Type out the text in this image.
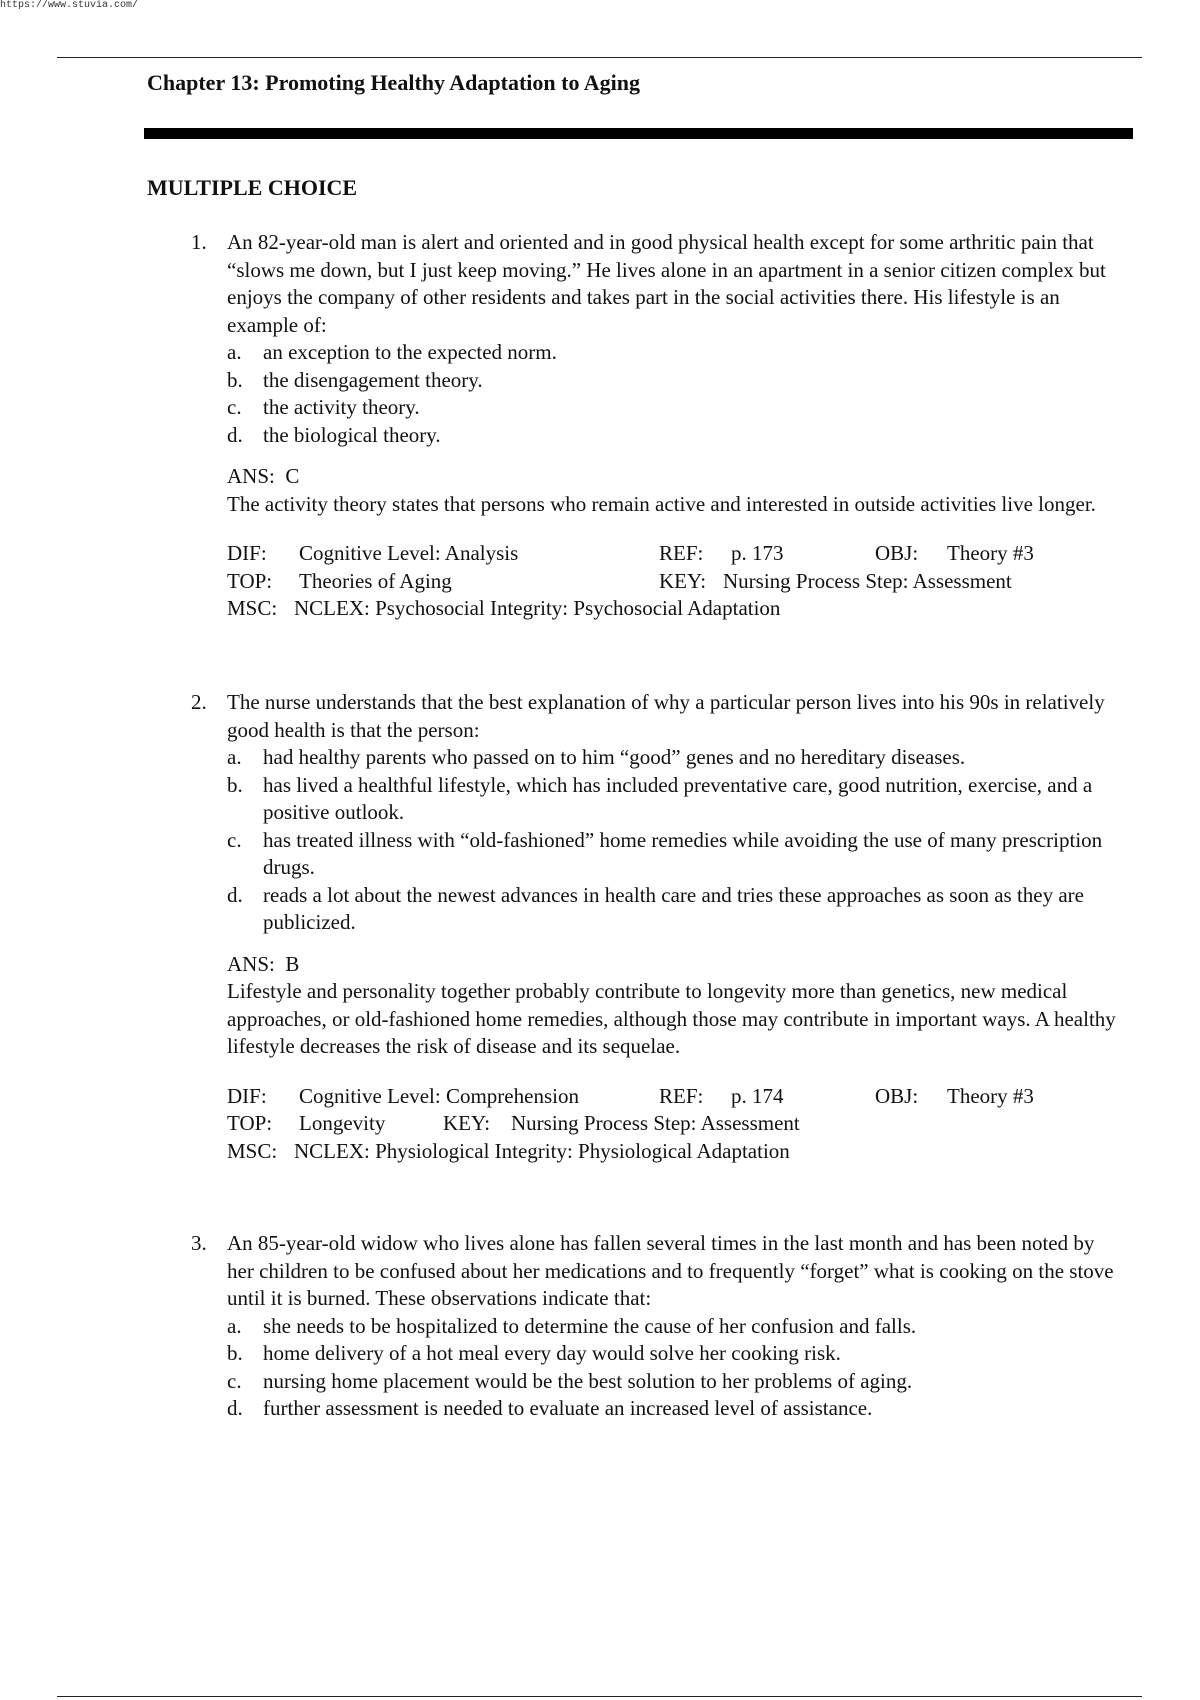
https://www.stuvia.com/
Chapter 13: Promoting Healthy Adaptation to Aging
MULTIPLE CHOICE
1. An 82-year-old man is alert and oriented and in good physical health except for some arthritic pain that “slows me down, but I just keep moving.” He lives alone in an apartment in a senior citizen complex but enjoys the company of other residents and takes part in the social activities there. His lifestyle is an example of:

a. an exception to the expected norm.
b. the disengagement theory.
c. the activity theory.
d. the biological theory.
ANS: C
The activity theory states that persons who remain active and interested in outside activities live longer.
DIF: Cognitive Level: Analysis	REF: p. 173	OBJ: Theory #3
TOP: Theories of Aging	KEY: Nursing Process Step: Assessment
MSC: NCLEX: Psychosocial Integrity: Psychosocial Adaptation
2. The nurse understands that the best explanation of why a particular person lives into his 90s in relatively good health is that the person:

a. had healthy parents who passed on to him “good” genes and no hereditary diseases.
b. has lived a healthful lifestyle, which has included preventative care, good nutrition, exercise, and a positive outlook.
c. has treated illness with “old-fashioned” home remedies while avoiding the use of many prescription drugs.
d. reads a lot about the newest advances in health care and tries these approaches as soon as they are publicized.
ANS: B
Lifestyle and personality together probably contribute to longevity more than genetics, new medical approaches, or old-fashioned home remedies, although those may contribute in important ways. A healthy lifestyle decreases the risk of disease and its sequelae.
DIF: Cognitive Level: Comprehension	REF: p. 174	OBJ: Theory #3
TOP: Longevity	KEY: Nursing Process Step: Assessment
MSC: NCLEX: Physiological Integrity: Physiological Adaptation
3. An 85-year-old widow who lives alone has fallen several times in the last month and has been noted by her children to be confused about her medications and to frequently “forget” what is cooking on the stove until it is burned. These observations indicate that:

a. she needs to be hospitalized to determine the cause of her confusion and falls.
b. home delivery of a hot meal every day would solve her cooking risk.
c. nursing home placement would be the best solution to her problems of aging.
d. further assessment is needed to evaluate an increased level of assistance.
